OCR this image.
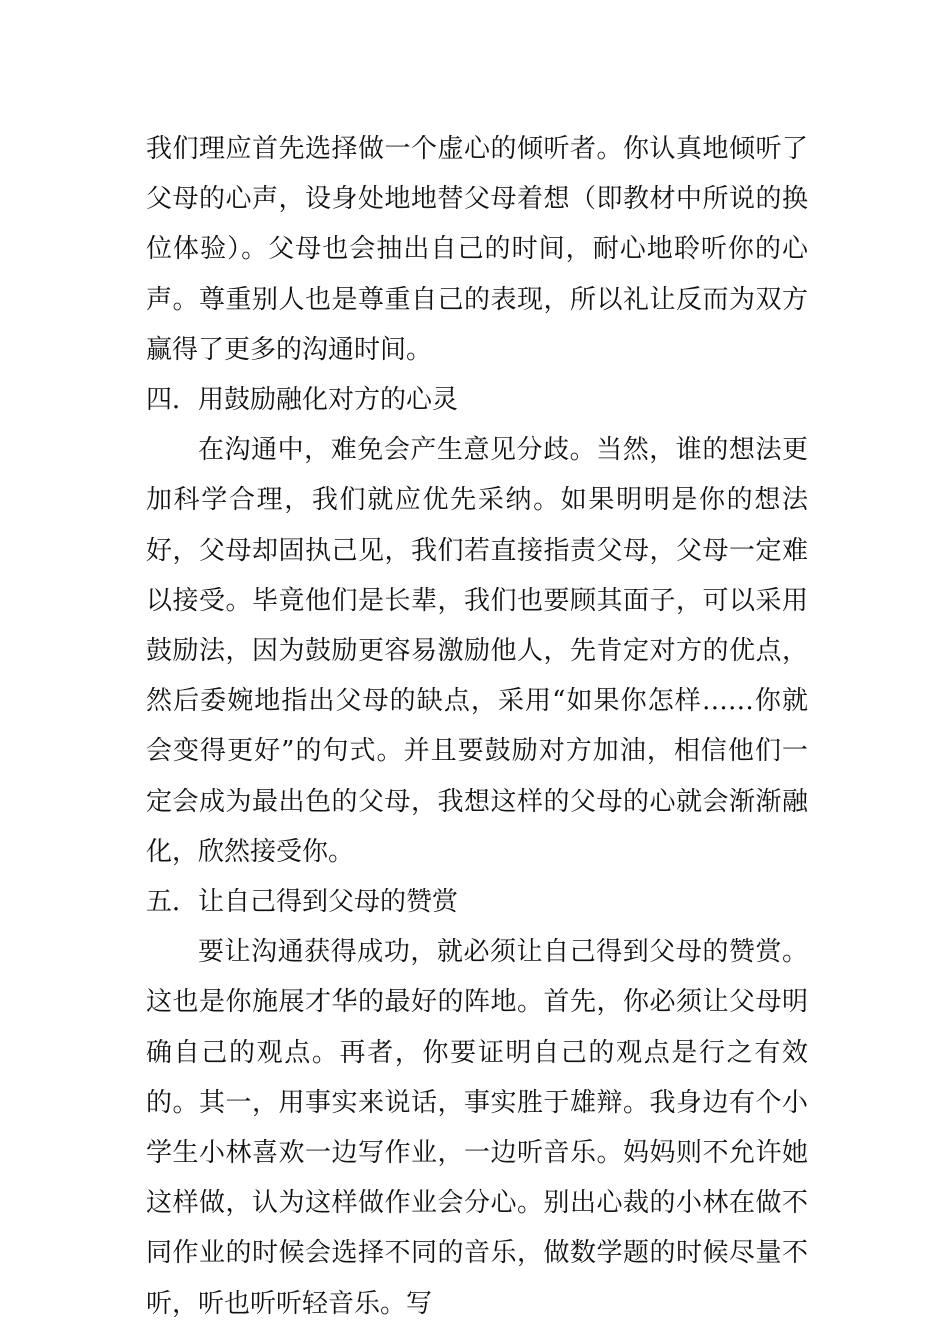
我们理应首先选择做一个虚心的倾听者。你认真地倾听了父母的心声，设身处地地替父母着想（即教材中所说的换位体验）。父母也会抽出自己的时间，耐心地聆听你的心声。尊重别人也是尊重自己的表现，所以礼让反而为双方赢得了更多的沟通时间。

四．用鼓励融化对方的心灵

在沟通中，难免会产生意见分歧。当然，谁的想法更加科学合理，我们就应优先采纳。如果明明是你的想法好，父母却固执己见，我们若直接指责父母，父母一定难以接受。毕竟他们是长辈，我们也要顾其面子，可以采用鼓励法，因为鼓励更容易激励他人，先肯定对方的优点，然后委婉地指出父母的缺点，采用“如果你怎样……你就会变得更好”的句式。并且要鼓励对方加油，相信他们一定会成为最出色的父母，我想这样的父母的心就会渐渐融化，欣然接受你。

五．让自己得到父母的赞赏

要让沟通获得成功，就必须让自己得到父母的赞赏。这也是你施展才华的最好的阵地。首先，你必须让父母明确自己的观点。再者，你要证明自己的观点是行之有效的。其一，用事实来说话，事实胜于雄辩。我身边有个小学生小林喜欢一边写作业，一边听音乐。妈妈则不允许她这样做，认为这样做作业会分心。别出心裁的小林在做不同作业的时候会选择不同的音乐，做数学题的时候尽量不听，听也听听轻音乐。写
